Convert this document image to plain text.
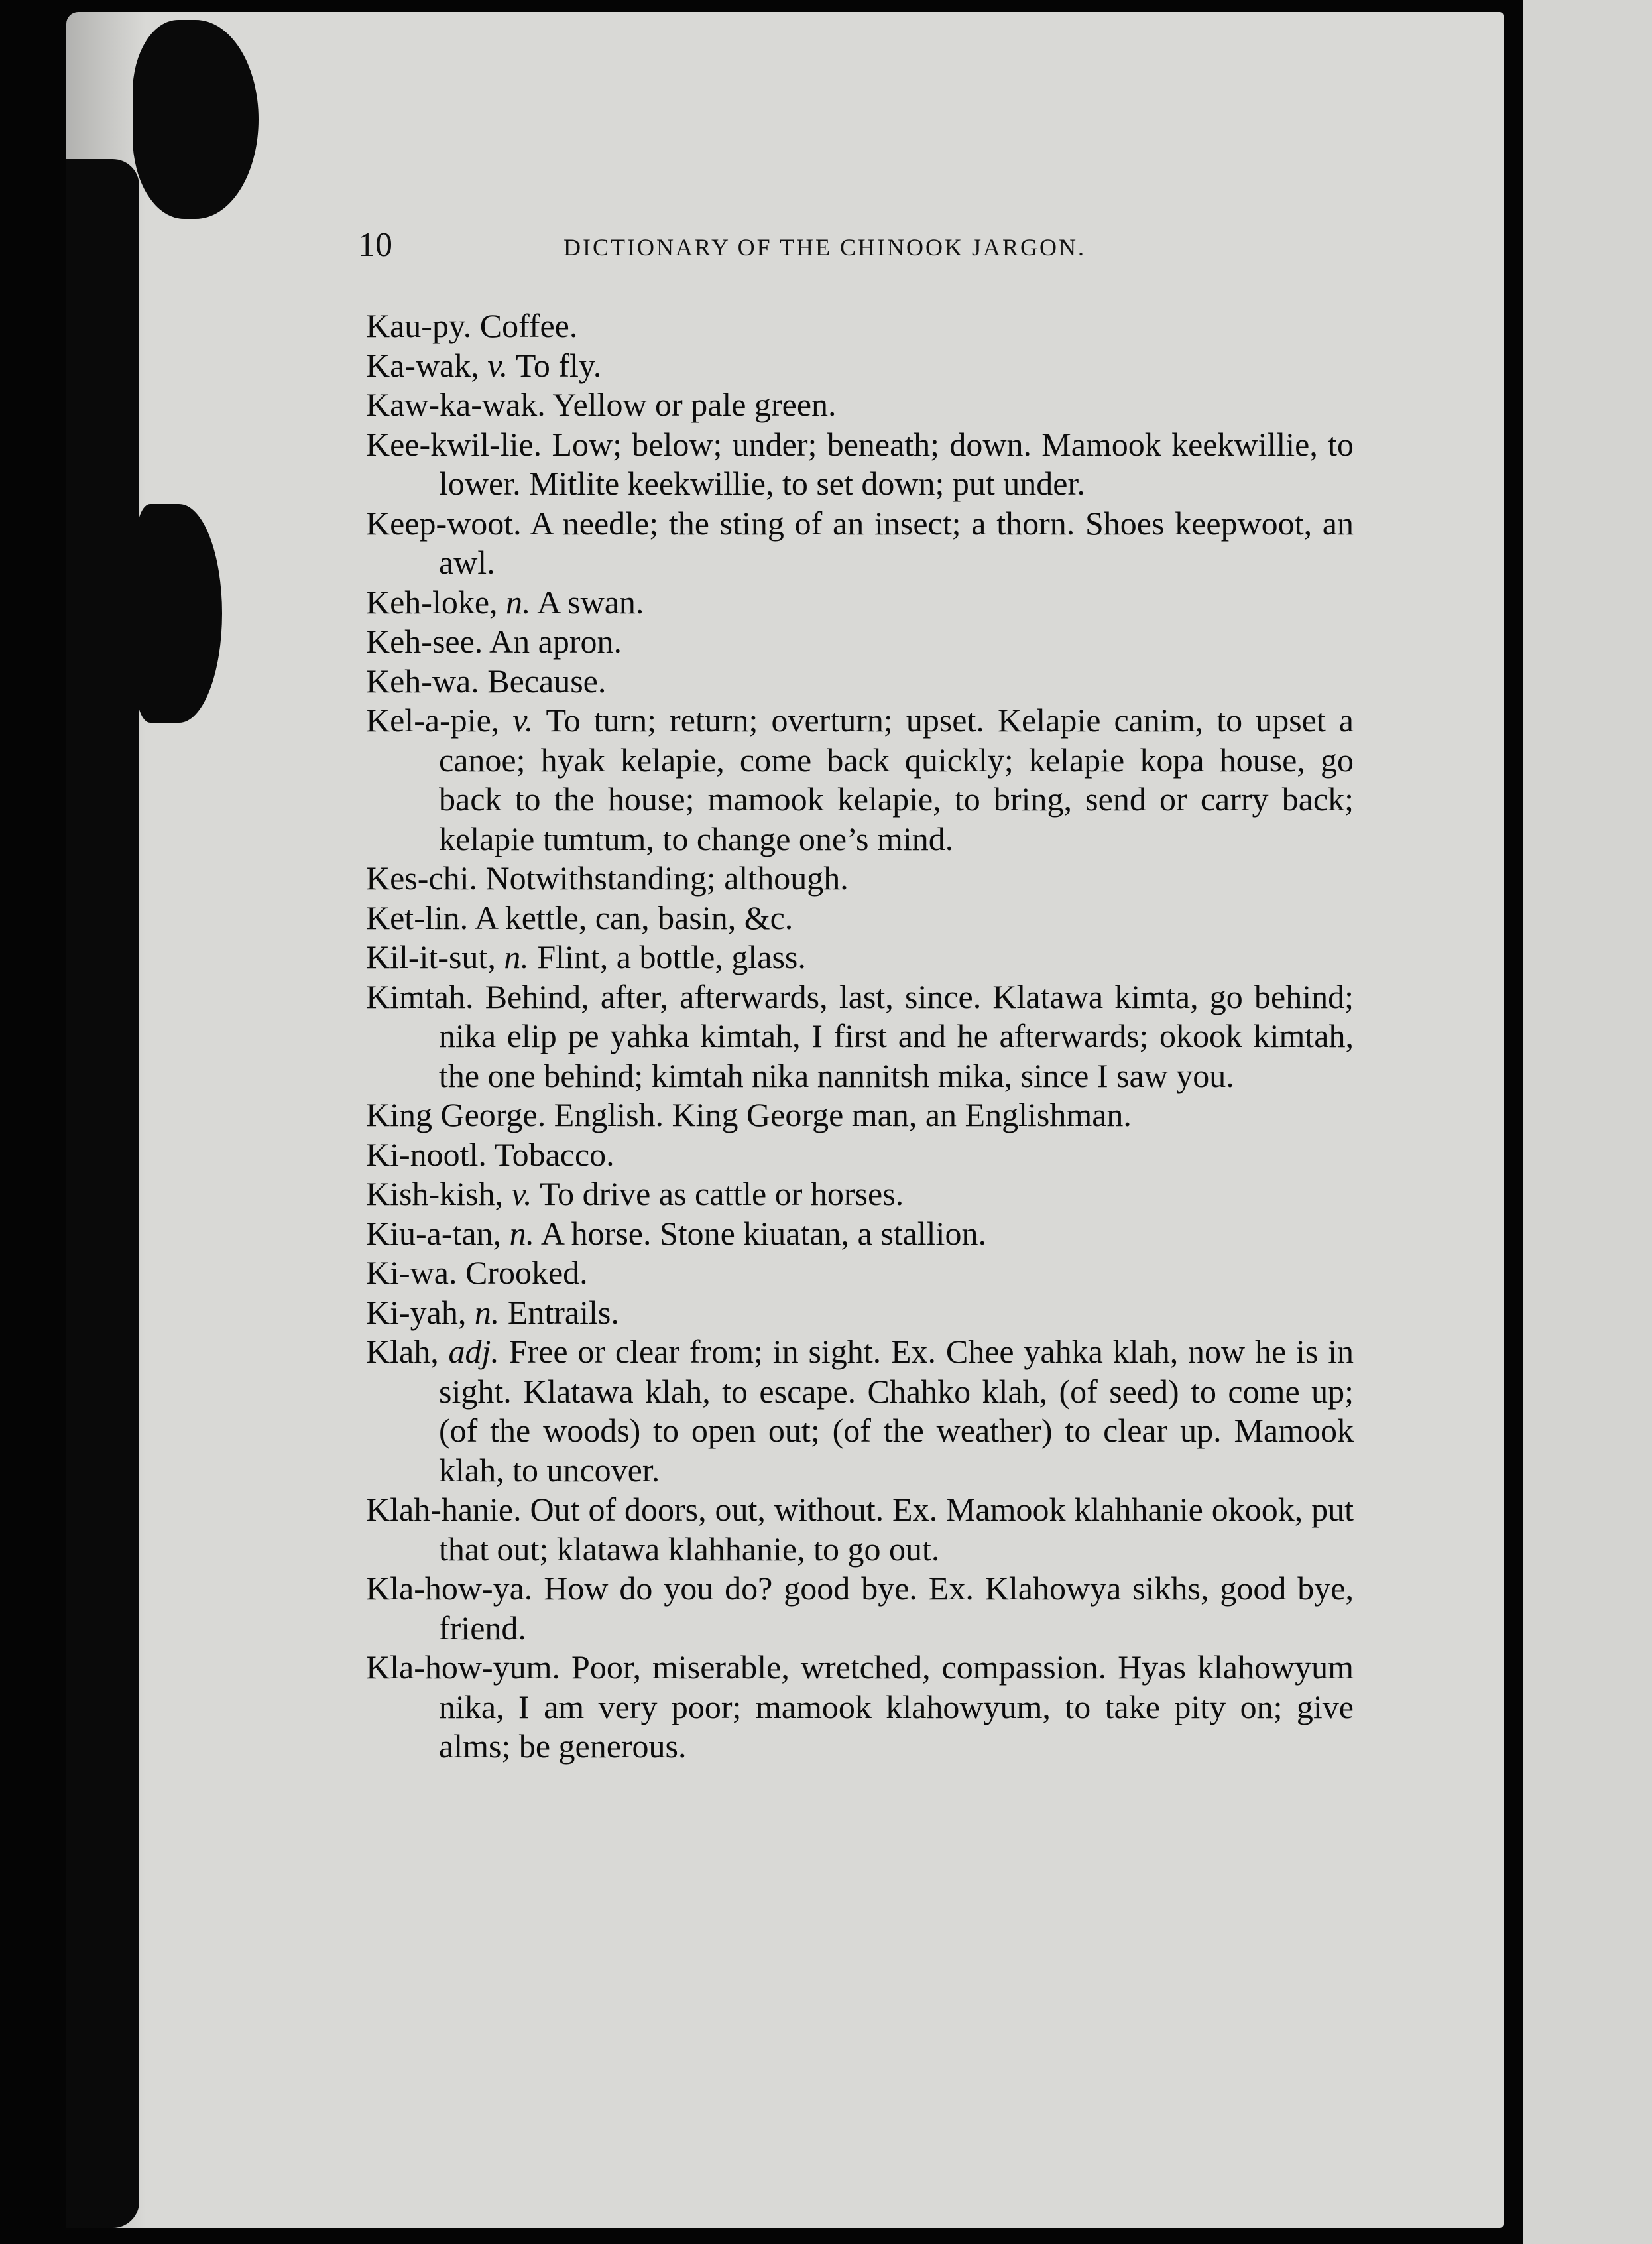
10	DICTIONARY OF THE CHINOOK JARGON.

Kau-py. Coffee.

Ka-wak, v. To fly.

Kaw-ka-wak. Yellow or pale green.

Kee-kwil-lie. Low; below; under; beneath; down. Mamook keekwillie, to lower. Mitlite keekwillie, to set down; put under.

Keep-woot. A needle; the sting of an insect; a thorn. Shoes keepwoot, an awl.

Keh-loke, n. A swan.

Keh-see. An apron.

Keh-wa. Because.

Kel-a-pie, v. To turn; return; overturn; upset. Kelapie canim, to upset a canoe; hyak kelapie, come back quickly; kelapie kopa house, go back to the house; mamook kelapie, to bring, send or carry back; kelapie tumtum, to change one’s mind.

Kes-chi. Notwithstanding; although.

Ket-lin. A kettle, can, basin, &c.

Kil-it-sut, n. Flint, a bottle, glass.

Kimtah. Behind, after, afterwards, last, since. Klatawa kimta, go behind; nika elip pe yahka kimtah, I first and he afterwards; okook kimtah, the one behind; kimtah nika nannitsh mika, since I saw you.

King George. English. King George man, an Englishman.

Ki-nootl. Tobacco.

Kish-kish, v. To drive as cattle or horses.

Kiu-a-tan, n. A horse. Stone kiuatan, a stallion.

Ki-wa. Crooked.

Ki-yah, n. Entrails.

Klah, adj. Free or clear from; in sight. Ex. Chee yahka klah, now he is in sight. Klatawa klah, to escape. Chahko klah, (of seed) to come up; (of the woods) to open out; (of the weather) to clear up. Mamook klah, to uncover.

Klah-hanie. Out of doors, out, without. Ex. Mamook klahhanie okook, put that out; klatawa klahhanie, to go out.

Kla-how-ya. How do you do? good bye. Ex. Klahowya sikhs, good bye, friend.

Kla-how-yum. Poor, miserable, wretched, compassion. Hyas klahowyum nika, I am very poor; mamook klahowyum, to take pity on; give alms; be generous.
